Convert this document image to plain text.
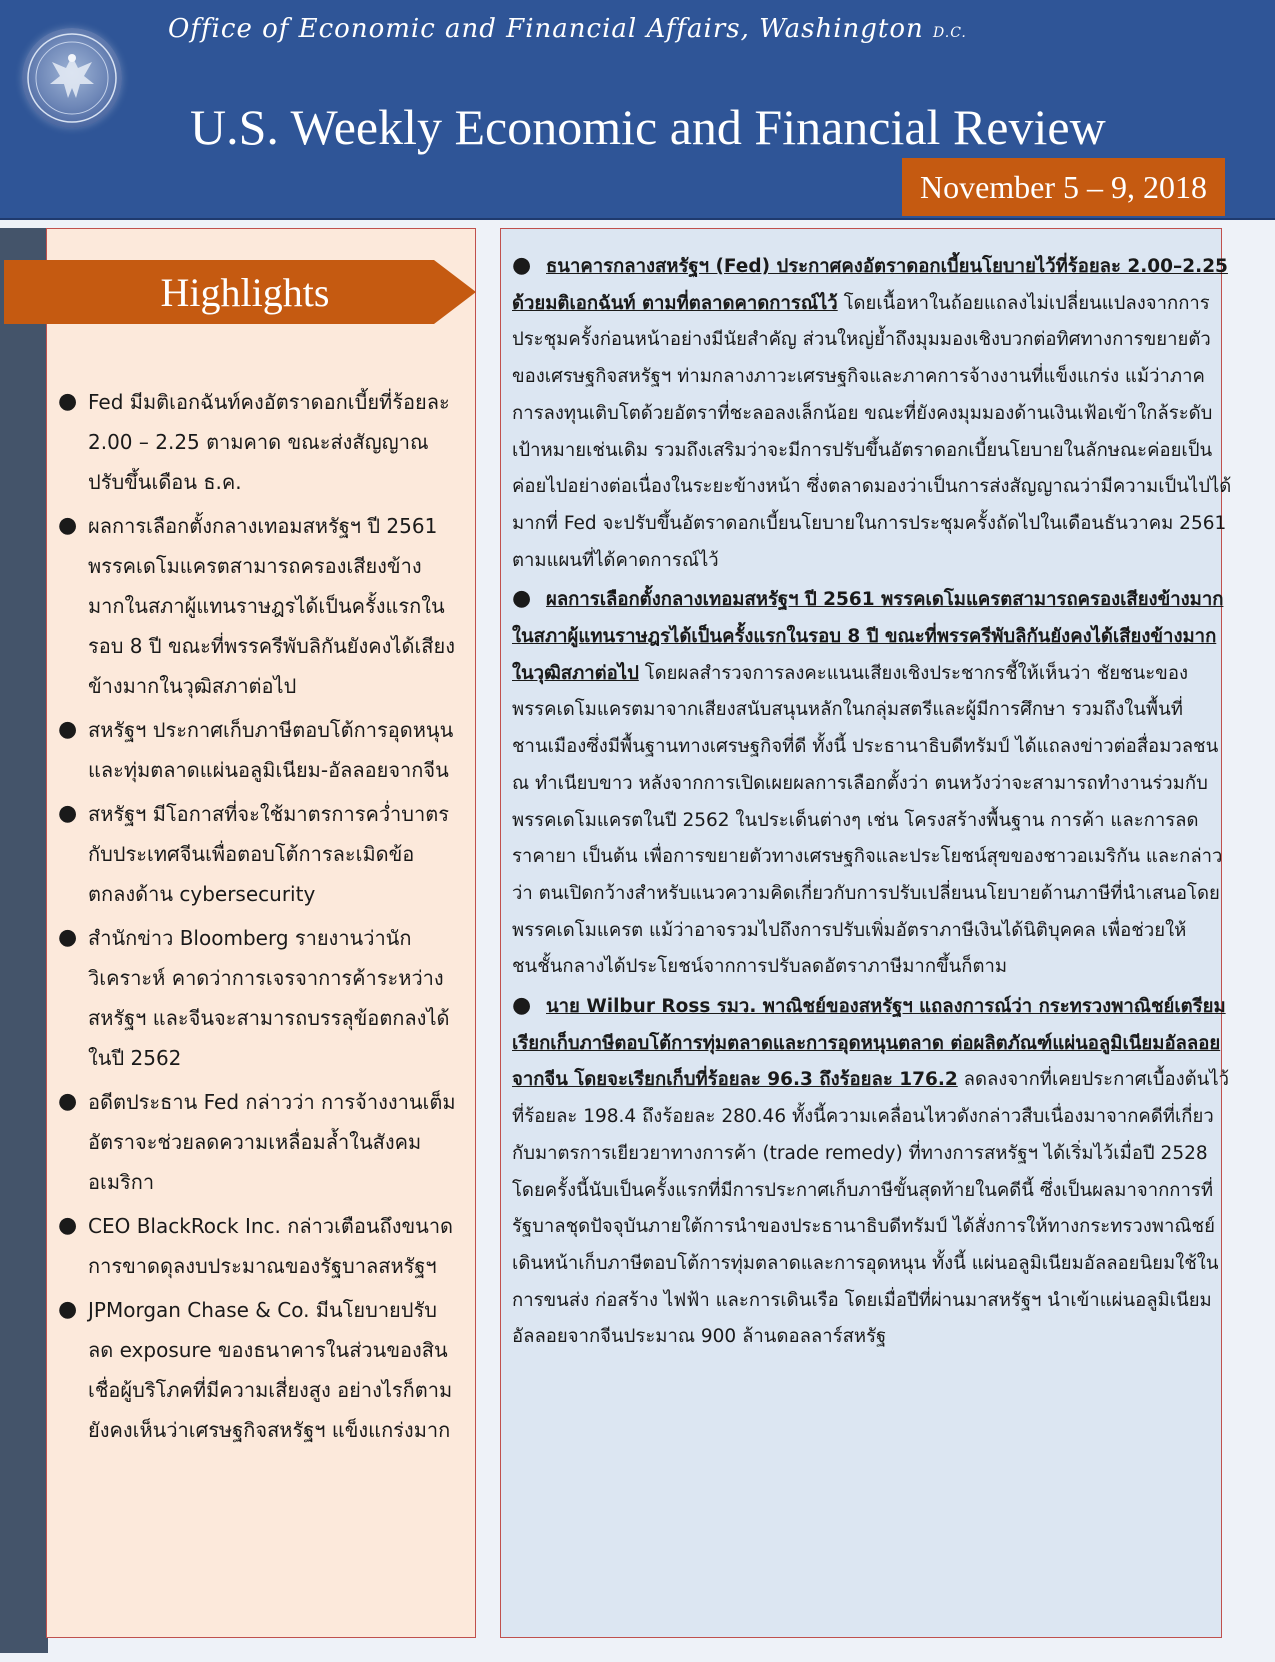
Office of Economic and Financial Affairs, Washington D.C.
U.S. Weekly Economic and Financial Review
November 5 – 9, 2018
Highlights
● Fed มีมติเอกฉันท์คงอัตราดอกเบี้ยที่ร้อยละ 2.00 – 2.25 ตามคาด ขณะส่งสัญญาณปรับขึ้นเดือน ธ.ค.
● ผลการเลือกตั้งกลางเทอมสหรัฐฯ ปี 2561 พรรคเดโมแครตสามารถครองเสียงข้างมากในสภาผู้แทนราษฎรได้เป็นครั้งแรกในรอบ 8 ปี ขณะที่พรรครีพับลิกันยังคงได้เสียงข้างมากในวุฒิสภาต่อไป
● สหรัฐฯ ประกาศเก็บภาษีตอบโต้การอุดหนุนและทุ่มตลาดแผ่นอลูมิเนียม-อัลลอยจากจีน
● สหรัฐฯ มีโอกาสที่จะใช้มาตรการคว่ำบาตรกับประเทศจีนเพื่อตอบโต้การละเมิดข้อตกลงด้าน cybersecurity
● สำนักข่าว Bloomberg รายงานว่านักวิเคราะห์ คาดว่าการเจรจาการค้าระหว่างสหรัฐฯ และจีนจะสามารถบรรลุข้อตกลงได้ในปี 2562
● อดีตประธาน Fed กล่าวว่า การจ้างงานเต็มอัตราจะช่วยลดความเหลื่อมล้ำในสังคมอเมริกา
● CEO BlackRock Inc. กล่าวเตือนถึงขนาดการขาดดุลงบประมาณของรัฐบาลสหรัฐฯ
● JPMorgan Chase & Co. มีนโยบายปรับลด exposure ของธนาคารในส่วนของสินเชื่อผู้บริโภคที่มีความเสี่ยงสูง อย่างไรก็ตาม ยังคงเห็นว่าเศรษฐกิจสหรัฐฯ แข็งแกร่งมาก

● ธนาคารกลางสหรัฐฯ (Fed) ประกาศคงอัตราดอกเบี้ยนโยบายไว้ที่ร้อยละ 2.00–2.25 ด้วยมติเอกฉันท์ ตามที่ตลาดคาดการณ์ไว้ โดยเนื้อหาในถ้อยแถลงไม่เปลี่ยนแปลงจากการประชุมครั้งก่อนหน้าอย่างมีนัยสำคัญ ส่วนใหญ่ย้ำถึงมุมมองเชิงบวกต่อทิศทางการขยายตัวของเศรษฐกิจสหรัฐฯ ท่ามกลางภาวะเศรษฐกิจและภาคการจ้างงานที่แข็งแกร่ง แม้ว่าภาคการลงทุนเติบโตด้วยอัตราที่ชะลอลงเล็กน้อย ขณะที่ยังคงมุมมองด้านเงินเฟ้อเข้าใกล้ระดับเป้าหมายเช่นเดิม รวมถึงเสริมว่าจะมีการปรับขึ้นอัตราดอกเบี้ยนโยบายในลักษณะค่อยเป็นค่อยไปอย่างต่อเนื่องในระยะข้างหน้า ซึ่งตลาดมองว่าเป็นการส่งสัญญาณว่ามีความเป็นไปได้มากที่ Fed จะปรับขึ้นอัตราดอกเบี้ยนโยบายในการประชุมครั้งถัดไปในเดือนธันวาคม 2561 ตามแผนที่ได้คาดการณ์ไว้

● ผลการเลือกตั้งกลางเทอมสหรัฐฯ ปี 2561 พรรคเดโมแครตสามารถครองเสียงข้างมากในสภาผู้แทนราษฎรได้เป็นครั้งแรกในรอบ 8 ปี ขณะที่พรรครีพับลิกันยังคงได้เสียงข้างมากในวุฒิสภาต่อไป โดยผลสำรวจการลงคะแนนเสียงเชิงประชากรชี้ให้เห็นว่า ชัยชนะของพรรคเดโมแครตมาจากเสียงสนับสนุนหลักในกลุ่มสตรีและผู้มีการศึกษา รวมถึงในพื้นที่ชานเมืองซึ่งมีพื้นฐานทางเศรษฐกิจที่ดี ทั้งนี้ ประธานาธิบดีทรัมป์ ได้แถลงข่าวต่อสื่อมวลชน ณ ทำเนียบขาว หลังจากการเปิดเผยผลการเลือกตั้งว่า ตนหวังว่าจะสามารถทำงานร่วมกับพรรคเดโมแครตในปี 2562 ในประเด็นต่างๆ เช่น โครงสร้างพื้นฐาน การค้า และการลดราคายา เป็นต้น เพื่อการขยายตัวทางเศรษฐกิจและประโยชน์สุขของชาวอเมริกัน และกล่าวว่า ตนเปิดกว้างสำหรับแนวความคิดเกี่ยวกับการปรับเปลี่ยนนโยบายด้านภาษีที่นำเสนอโดยพรรคเดโมแครต แม้ว่าอาจรวมไปถึงการปรับเพิ่มอัตราภาษีเงินได้นิติบุคคล เพื่อช่วยให้ชนชั้นกลางได้ประโยชน์จากการปรับลดอัตราภาษีมากขึ้นก็ตาม

● นาย Wilbur Ross รมว. พาณิชย์ของสหรัฐฯ แถลงการณ์ว่า กระทรวงพาณิชย์เตรียมเรียกเก็บภาษีตอบโต้การทุ่มตลาดและการอุดหนุนตลาด ต่อผลิตภัณฑ์แผ่นอลูมิเนียมอัลลอยจากจีน โดยจะเรียกเก็บที่ร้อยละ 96.3 ถึงร้อยละ 176.2 ลดลงจากที่เคยประกาศเบื้องต้นไว้ที่ร้อยละ 198.4 ถึงร้อยละ 280.46 ทั้งนี้ความเคลื่อนไหวดังกล่าวสืบเนื่องมาจากคดีที่เกี่ยวกับมาตรการเยียวยาทางการค้า (trade remedy) ที่ทางการสหรัฐฯ ได้เริ่มไว้เมื่อปี 2528 โดยครั้งนี้นับเป็นครั้งแรกที่มีการประกาศเก็บภาษีขั้นสุดท้ายในคดีนี้ ซึ่งเป็นผลมาจากการที่รัฐบาลชุดปัจจุบันภายใต้การนำของประธานาธิบดีทรัมป์ ได้สั่งการให้ทางกระทรวงพาณิชย์เดินหน้าเก็บภาษีตอบโต้การทุ่มตลาดและการอุดหนุน ทั้งนี้ แผ่นอลูมิเนียมอัลลอยนิยมใช้ในการขนส่ง ก่อสร้าง ไฟฟ้า และการเดินเรือ โดยเมื่อปีที่ผ่านมาสหรัฐฯ นำเข้าแผ่นอลูมิเนียมอัลลอยจากจีนประมาณ 900 ล้านดอลลาร์สหรัฐ
